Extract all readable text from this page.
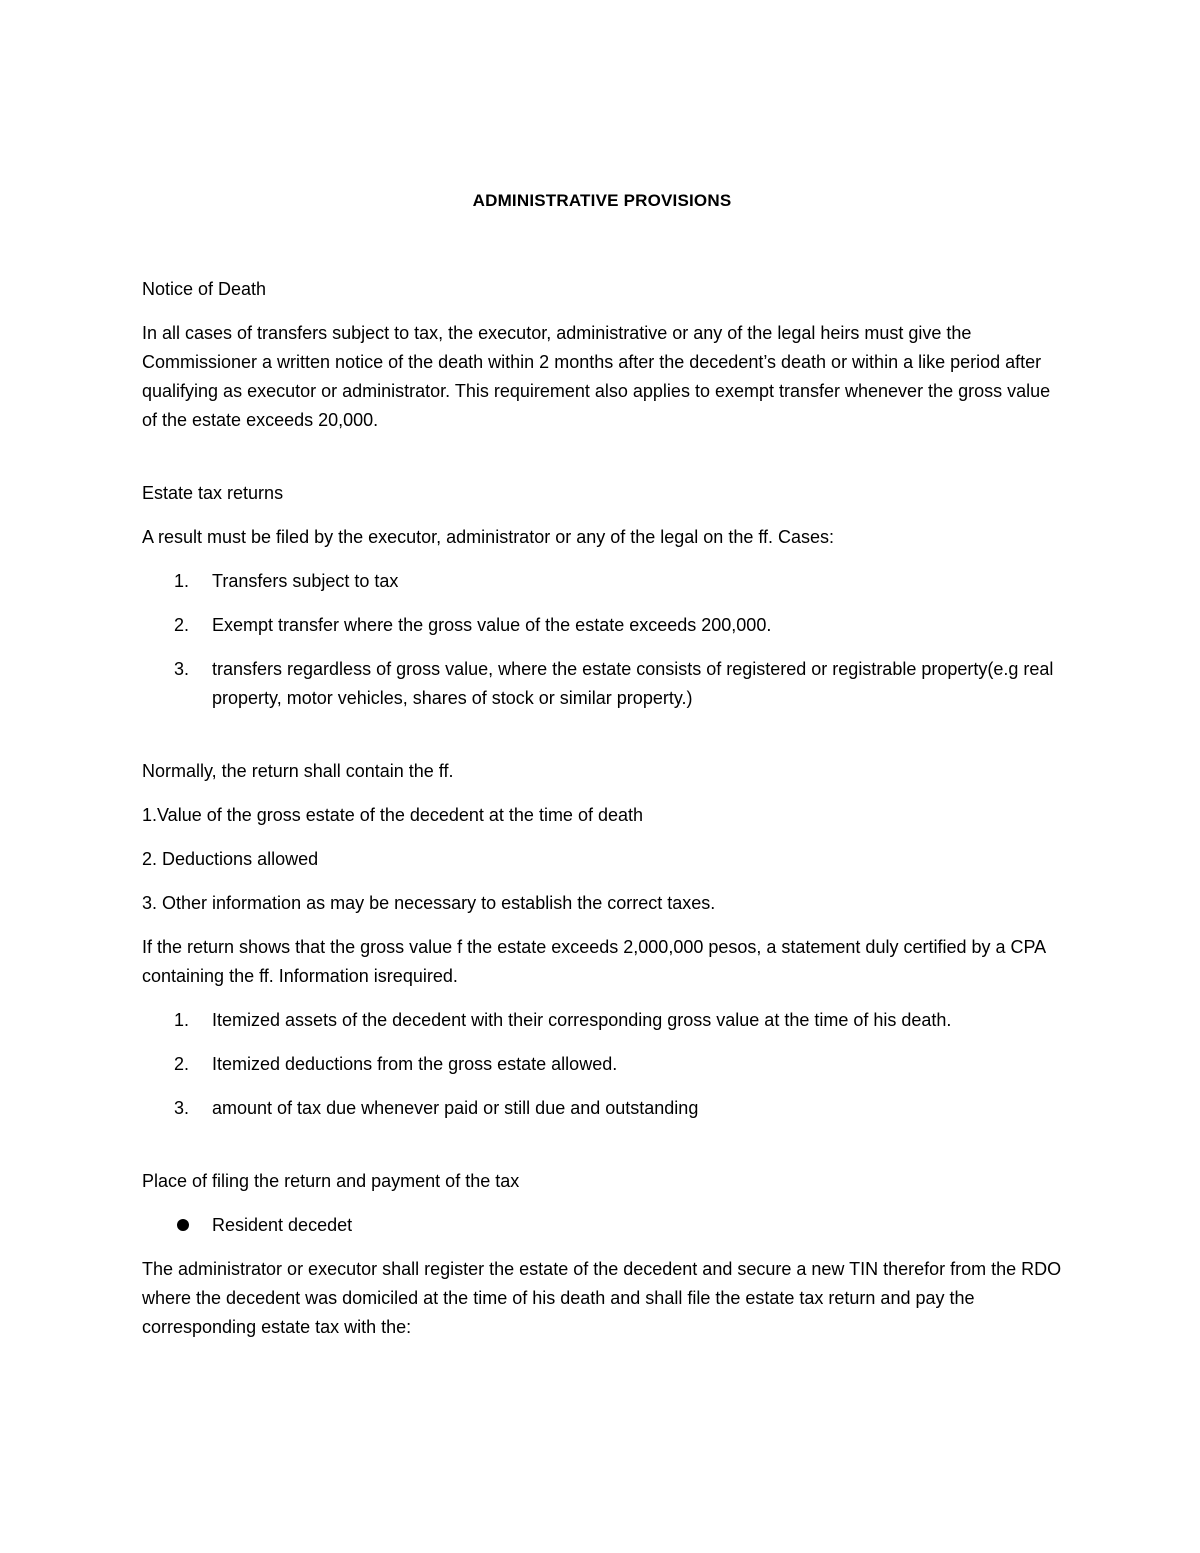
ADMINISTRATIVE PROVISIONS

Notice of Death

In all cases of transfers subject to tax, the executor, administrative or any of the legal heirs must give the Commissioner a written notice of the death within 2 months after the decedent’s death or within a like period after qualifying as executor or administrator. This requirement also applies to exempt transfer whenever the gross value of the estate exceeds 20,000.

Estate tax returns

A result must be filed by the executor, administrator or any of the legal on the ff. Cases:

1. Transfers subject to tax
2. Exempt transfer where the gross value of the estate exceeds 200,000.
3. transfers regardless of gross value, where the estate consists of registered or registrable property(e.g real property, motor vehicles, shares of stock or similar property.)

Normally, the return shall contain the ff.

1.Value of the gross estate of the decedent at the time of death

2. Deductions allowed

3. Other information as may be necessary to establish the correct taxes.

If the return shows that the gross value f the estate exceeds 2,000,000 pesos, a statement duly certified by a CPA containing the ff. Information isrequired.

1. Itemized assets of the decedent with their corresponding gross value at the time of his death.
2. Itemized deductions from the gross estate allowed.
3. amount of tax due whenever paid or still due and outstanding

Place of filing the return and payment of the tax

Resident decedet

The administrator or executor shall register the estate of the decedent and secure a new TIN therefor from the RDO where the decedent was domiciled at the time of his death and shall file the estate tax return and pay the corresponding estate tax with the:
